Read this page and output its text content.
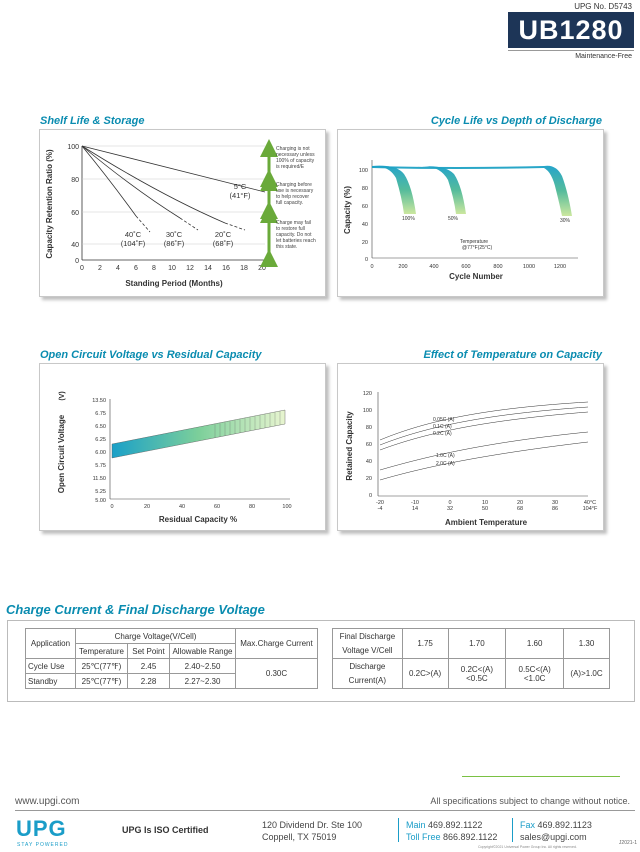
UPG No. D5743
UB1280
Maintenance-Free
Shelf Life & Storage	Cycle Life vs Depth of Discharge
Open Circuit Voltage vs Residual Capacity	Effect of Temperature on Capacity
100
80
60
40
0
0 2 4 6 8 10 12 14 16 18 20
Capacity Retention Ratio (%)
Standing Period (Months)
5°C
(41°F)
40˚C
(104˚F)
30˚C
(86˚F)
20˚C
(68˚F)
Charging is not
necessary unless
100% of capacity
is required/E
Charging before
use is necessary
to help recover
full capacity.
Charge may fail
to restore full
capacity. Do not
let batteries reach
this state.
100
80
60
40
20
0
0	200	400	600	800	1000	1200
Capacity (%)
Cycle Number
100%	50%	30%
Temperature
@77°F(25°C)
13.50
6.75
6.50
6.25
6.00
5.75
11.50
5.25
5.00
0	20	40	60	80	100
Open Circuit Voltage
(V)
Residual Capacity %
120
100
80
60
40
20
0
-20	-10	0	10	20	30	40°C
-4	14	32	50	68	86	104°F
Retained Capacity
Ambient Temperature
0.05C (A)
0.1C (A)
0.2C (A)
1.0C (A)
2.0C (A)
Charge Current & Final Discharge Voltage
Application	Charge Voltage(V/Cell)			Max.Charge Current
	Temperature	Set Point	Allowable Range	
Cycle Use	25℃(77℉)	2.45	2.40~2.50	0.30C
Standby	25℃(77℉)	2.28	2.27~2.30	
Final Discharge
Voltage V/Cell	1.75	1.70	1.60	1.30

Discharge
Current(A)	0.2C>(A)	0.2C<(A)<0.5C	0.5C<(A)<1.0C	(A)>1.0C
www.upgi.com	All specifications subject to change without notice.
UPG
STAY POWERED
UPG Is ISO Certified	120 Dividend Dr. Ste 100
Coppell, TX 75019
Main 469.892.1122
Toll Free 866.892.1122
Fax 469.892.1123
sales@upgi.com
Copyright©2021 Universal Power Group Inc. All rights reserved.
J2021-1
